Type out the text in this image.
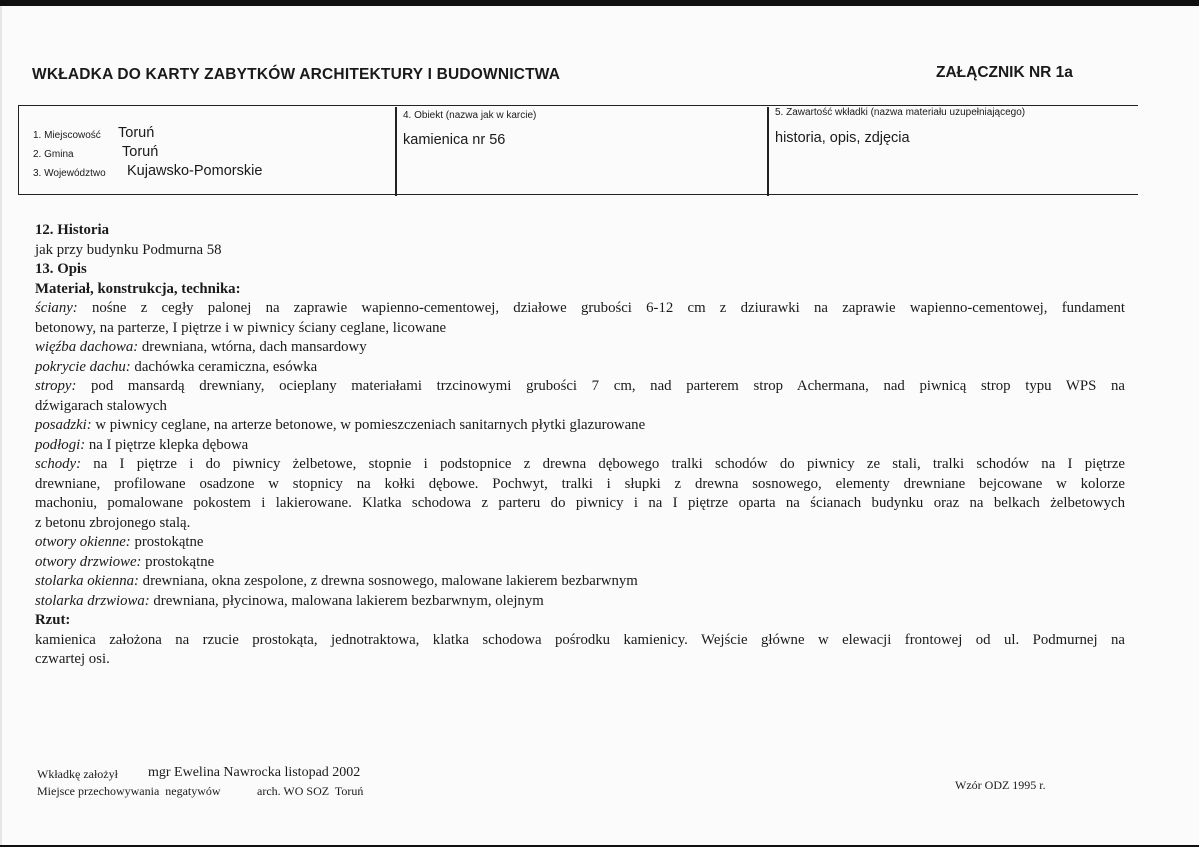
WKŁADKA DO KARTY ZABYTKÓW ARCHITEKTURY I BUDOWNICTWA	ZAŁĄCZNIK NR 1a
1. Miejscowość Toruń
2. Gmina	Toruń
3. Województwo Kujawsko-Pomorskie
4. Obiekt (nazwa jak w karcie)
kamienica nr 56
5. Zawartość wkładki (nazwa materiału uzupełniającego)
historia, opis, zdjęcia
12. Historia
jak przy budynku Podmurna 58
13. Opis
Materiał, konstrukcja, technika:
ściany: nośne z cegły palonej na zaprawie wapienno-cementowej, działowe grubości 6-12 cm z dziurawki na zaprawie wapienno-cementowej, fundament
betonowy, na parterze, I piętrze i w piwnicy ściany ceglane, licowane
więźba dachowa: drewniana, wtórna, dach mansardowy
pokrycie dachu: dachówka ceramiczna, esówka
stropy: pod mansardą drewniany, ocieplany materiałami trzcinowymi grubości 7 cm, nad parterem strop Achermana, nad piwnicą strop typu WPS na
dźwigarach stalowych
posadzki: w piwnicy ceglane, na arterze betonowe, w pomieszczeniach sanitarnych płytki glazurowane
podłogi: na I piętrze klepka dębowa
schody: na I piętrze i do piwnicy żelbetowe, stopnie i podstopnice z drewna dębowego tralki schodów do piwnicy ze stali, tralki schodów na I piętrze
drewniane, profilowane osadzone w stopnicy na kołki dębowe. Pochwyt, tralki i słupki z drewna sosnowego, elementy drewniane bejcowane w kolorze
machoniu, pomalowane pokostem i lakierowane. Klatka schodowa z parteru do piwnicy i na I piętrze oparta na ścianach budynku oraz na belkach żelbetowych
z betonu zbrojonego stalą.
otwory okienne: prostokątne
otwory drzwiowe: prostokątne
stolarka okienna: drewniana, okna zespolone, z drewna sosnowego, malowane lakierem bezbarwnym
stolarka drzwiowa: drewniana, płycinowa, malowana lakierem bezbarwnym, olejnym
Rzut:
kamienica założona na rzucie prostokąta, jednotraktowa, klatka schodowa pośrodku kamienicy. Wejście główne w elewacji frontowej od ul. Podmurnej na
czwartej osi.
Wkładkę założył mgr Ewelina Nawrocka listopad 2002
Miejsce przechowywania  negatywów	arch. WO SOZ  Toruń	Wzór ODZ 1995 r.
